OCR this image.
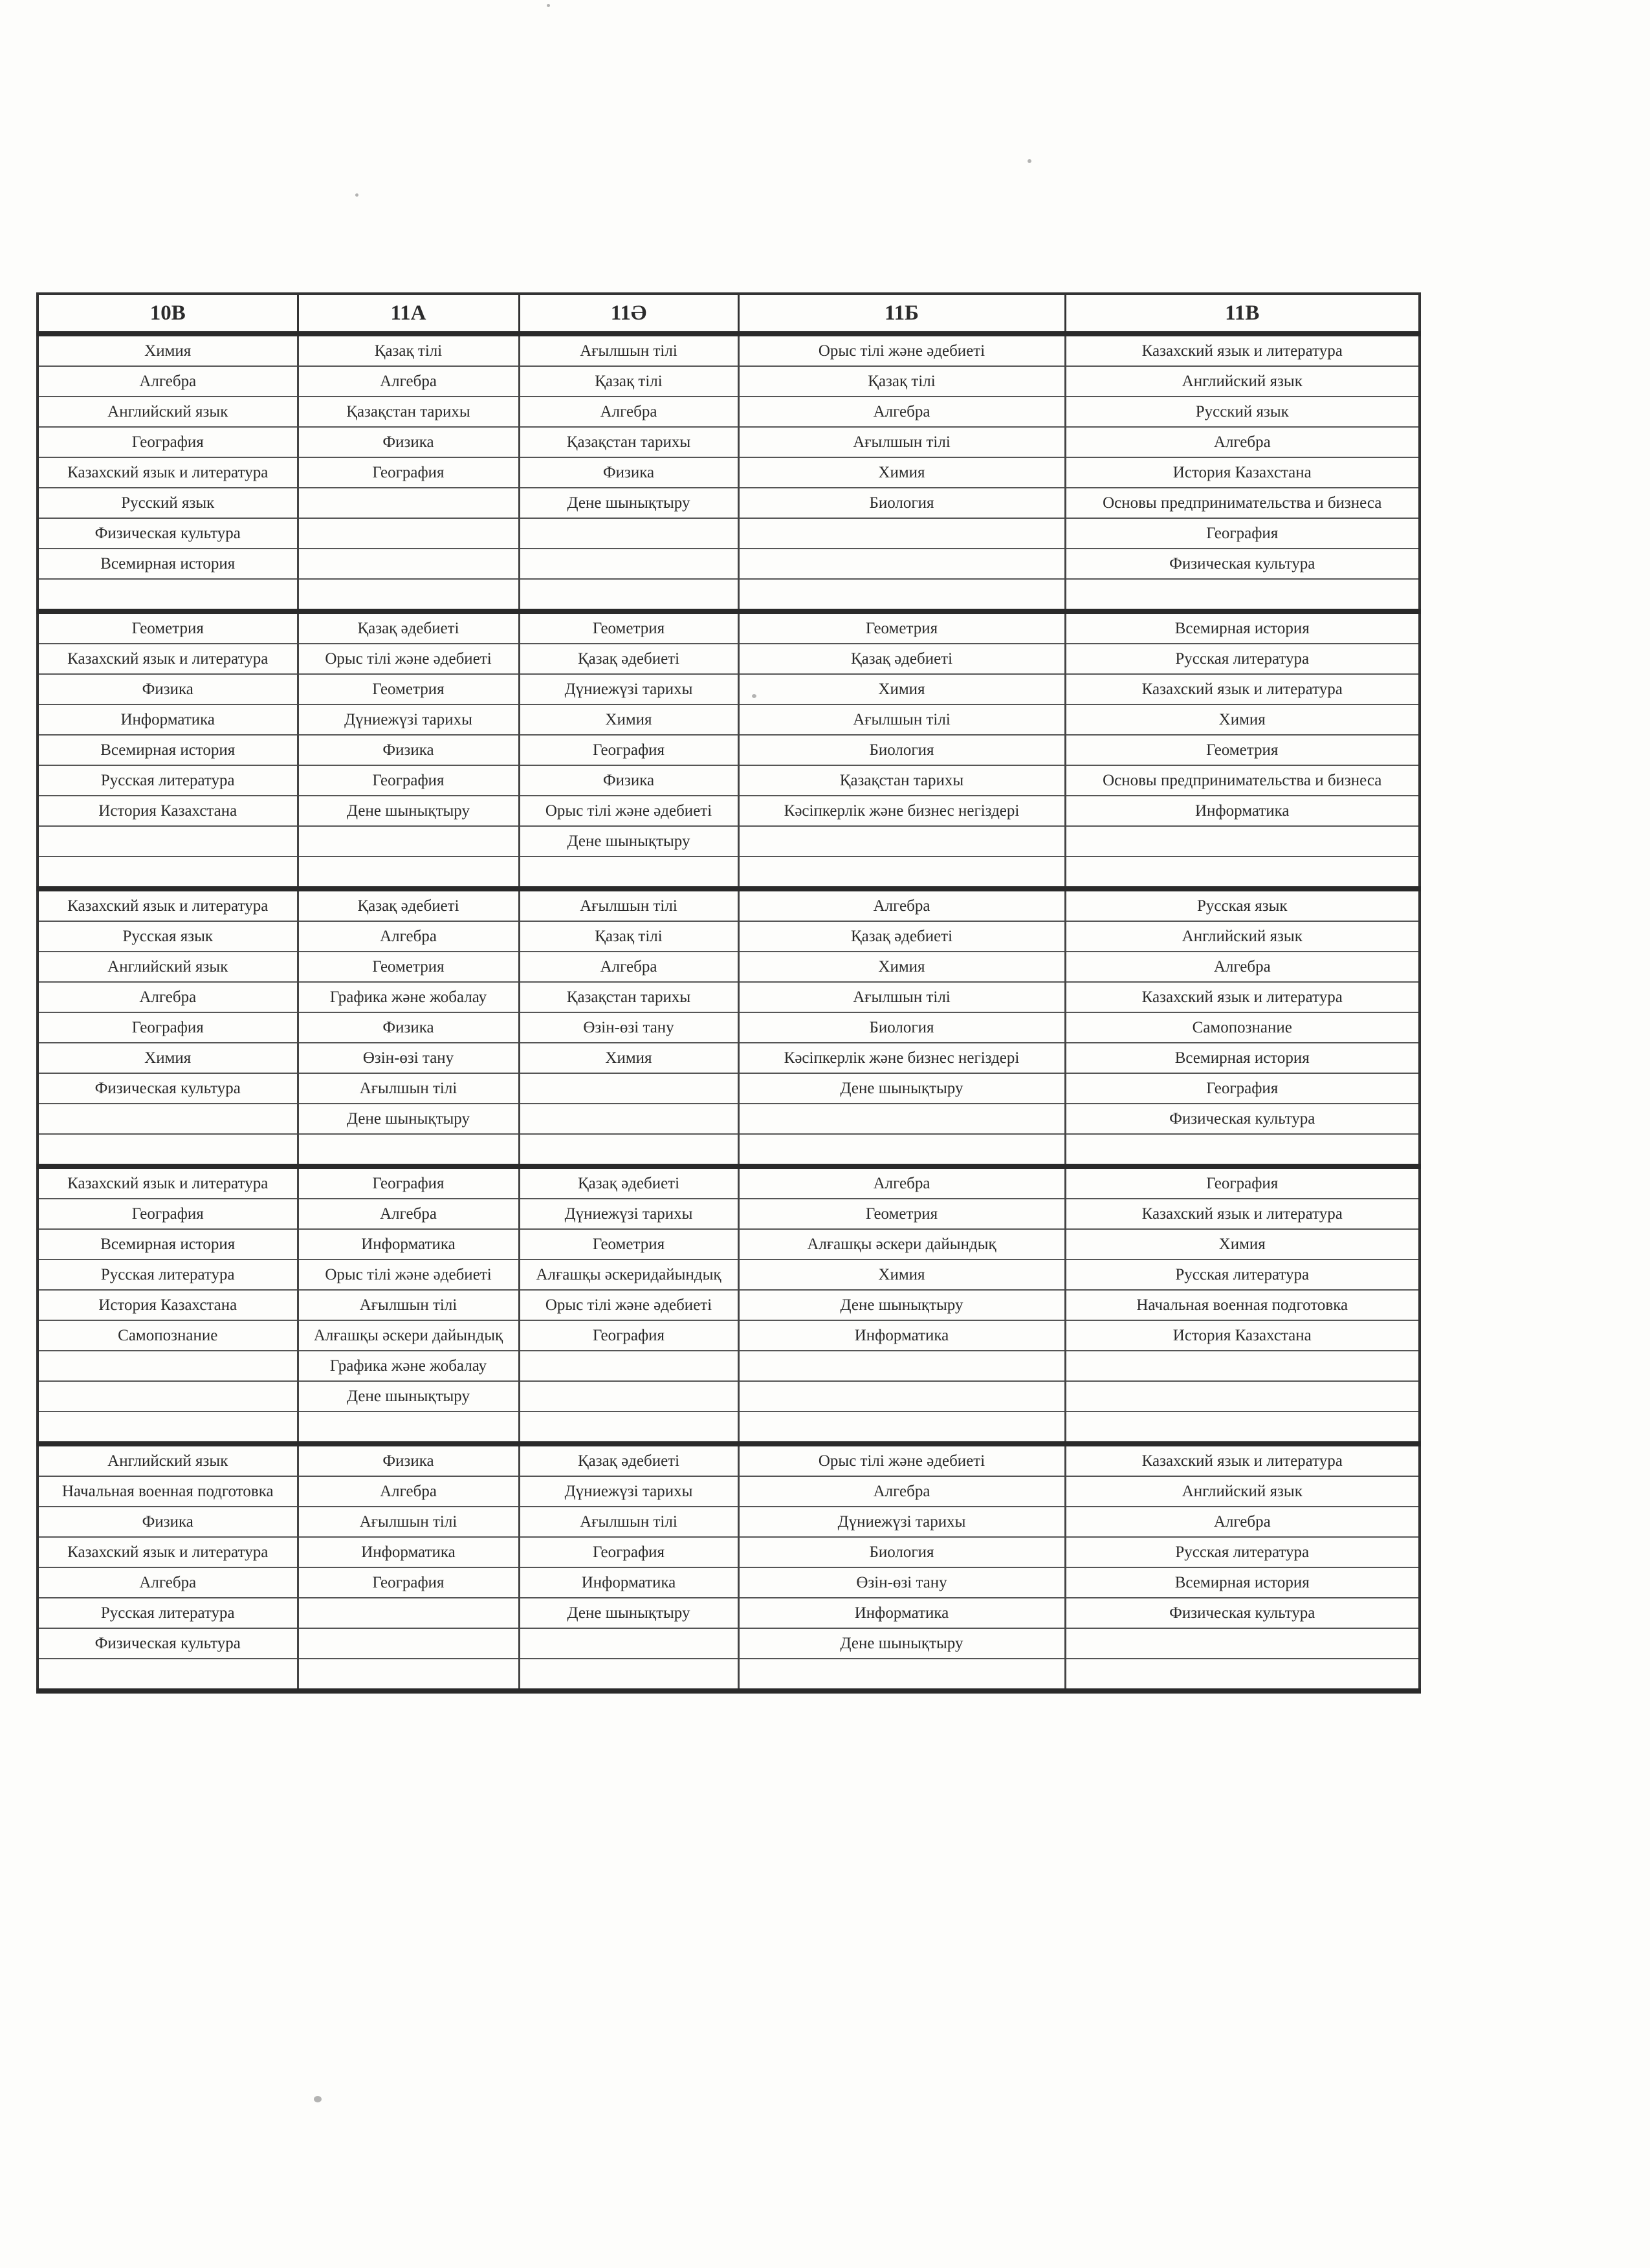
10В	11А	11Ә	11Б	11В
Химия	Қазақ тілі	Ағылшын тілі	Орыс тілі және әдебиеті	Казахский язык и литература
Алгебра	Алгебра	Қазақ тілі	Қазақ тілі	Английский язык
Английский язык	Қазақстан тарихы	Алгебра	Алгебра	Русский язык
География	Физика	Қазақстан тарихы	Ағылшын тілі	Алгебра
Казахский язык и литература	География	Физика	Химия	История Казахстана
Русский язык		Дене шынықтыру	Биология	Основы предпринимательства и бизнеса
Физическая культура				География
Всемирная история				Физическая культура

Геометрия	Қазақ әдебиеті	Геометрия	Геометрия	Всемирная история
Казахский язык и литература	Орыс тілі және әдебиеті	Қазақ әдебиеті	Қазақ әдебиеті	Русская литература
Физика	Геометрия	Дүниежүзі тарихы	Химия	Казахский язык и литература
Информатика	Дүниежүзі тарихы	Химия	Ағылшын тілі	Химия
Всемирная история	Физика	География	Биология	Геометрия
Русская литература	География	Физика	Қазақстан тарихы	Основы предпринимательства и бизнеса
История Казахстана	Дене шынықтыру	Орыс тілі және әдебиеті	Кәсіпкерлік және бизнес негіздері	Информатика
		Дене шынықтыру		

Казахский язык и литература	Қазақ әдебиеті	Ағылшын тілі	Алгебра	Русская язык
Русская язык	Алгебра	Қазақ тілі	Қазақ әдебиеті	Английский язык
Английский язык	Геометрия	Алгебра	Химия	Алгебра
Алгебра	Графика және жобалау	Қазақстан тарихы	Ағылшын тілі	Казахский язык и литература
География	Физика	Өзін-өзі тану	Биология	Самопознание
Химия	Өзін-өзі тану	Химия	Кәсіпкерлік және бизнес негіздері	Всемирная история
Физическая культура	Ағылшын тілі		Дене шынықтыру	География
	Дене шынықтыру			Физическая культура

Казахский язык и литература	География	Қазақ әдебиеті	Алгебра	География
География	Алгебра	Дүниежүзі тарихы	Геометрия	Казахский язык и литература
Всемирная история	Информатика	Геометрия	Алғашқы әскери дайындық	Химия
Русская литература	Орыс тілі және әдебиеті	Алғашқы әскеридайындық	Химия	Русская литература
История Казахстана	Ағылшын тілі	Орыс тілі және әдебиеті	Дене шынықтыру	Начальная военная подготовка
Самопознание	Алғашқы әскери дайындық	География	Информатика	История Казахстана
	Графика және жобалау			
	Дене шынықтыру			

Английский язык	Физика	Қазақ әдебиеті	Орыс тілі және әдебиеті	Казахский язык и литература
Начальная военная подготовка	Алгебра	Дүниежүзі тарихы	Алгебра	Английский язык
Физика	Ағылшын тілі	Ағылшын тілі	Дүниежүзі тарихы	Алгебра
Казахский язык и литература	Информатика	География	Биология	Русская литература
Алгебра	География	Информатика	Өзін-өзі тану	Всемирная история
Русская литература		Дене шынықтыру	Информатика	Физическая культура
Физическая культура			Дене шынықтыру	
